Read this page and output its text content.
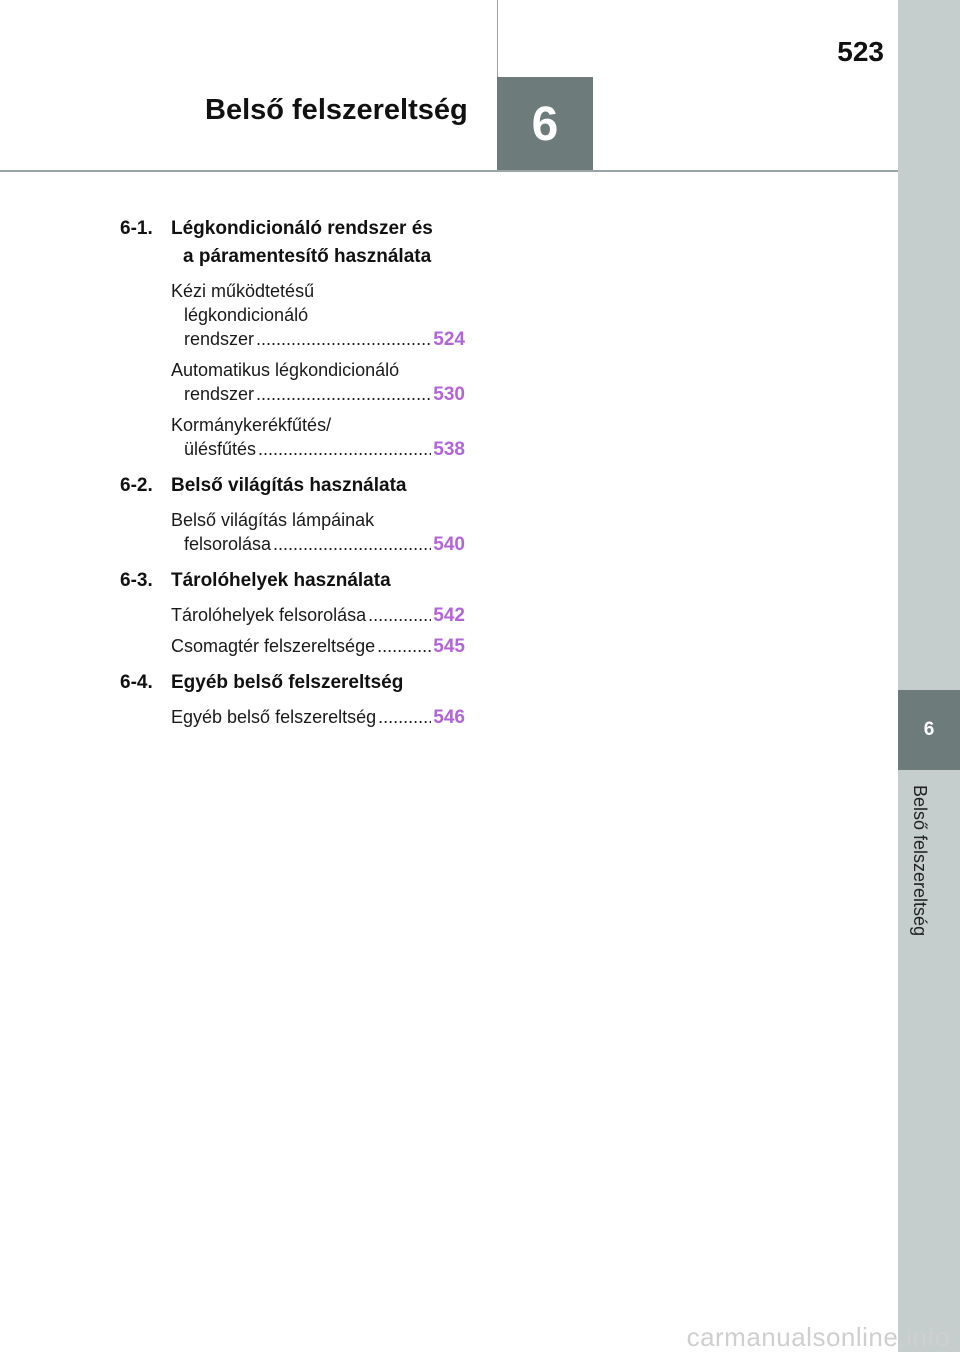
523
Belső felszereltség	6
6
Belső felszereltség
6-1. Légkondicionáló rendszer és
a páramentesítő használata
Kézi működtetésű
légkondicionáló
rendszer .....	524
Automatikus légkondicionáló
rendszer .....	530
Kormánykerékfűtés/
ülésfűtés .....	538
6-2. Belső világítás használata
Belső világítás lámpáinak
felsorolása .....	540
6-3. Tárolóhelyek használata
Tárolóhelyek felsorolása .....	542
Csomagtér felszereltsége .....	545
6-4. Egyéb belső felszereltség
Egyéb belső felszereltség .....	546
carmanualsonline.info
